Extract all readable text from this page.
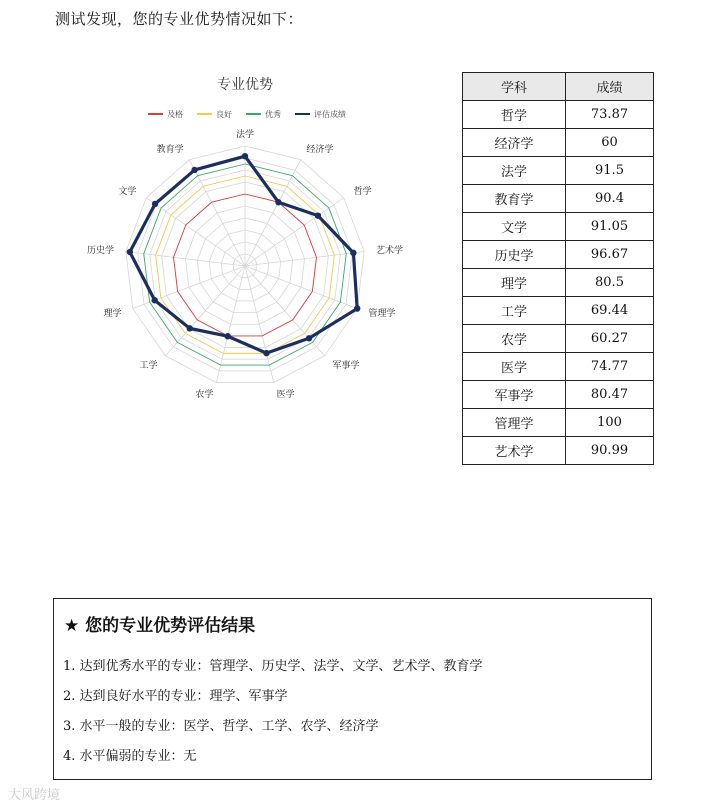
测试发现，您的专业优势情况如下：
专业优势
及格	良好	优秀	评估成绩
法学
经济学
哲学
艺术学
管理学
军事学
医学
农学
工学
理学
历史学
文学
教育学
学科	成绩
哲学	73.87
经济学	60
法学	91.5
教育学	90.4
文学	91.05
历史学	96.67
理学	80.5
工学	69.44
农学	60.27
医学	74.77
军事学	80.47
管理学	100
艺术学	90.99
★ 您的专业优势评估结果
1. 达到优秀水平的专业：管理学、历史学、法学、文学、艺术学、教育学
2. 达到良好水平的专业：理学、军事学
3. 水平一般的专业：医学、哲学、工学、农学、经济学
4. 水平偏弱的专业：无
大风跨境
